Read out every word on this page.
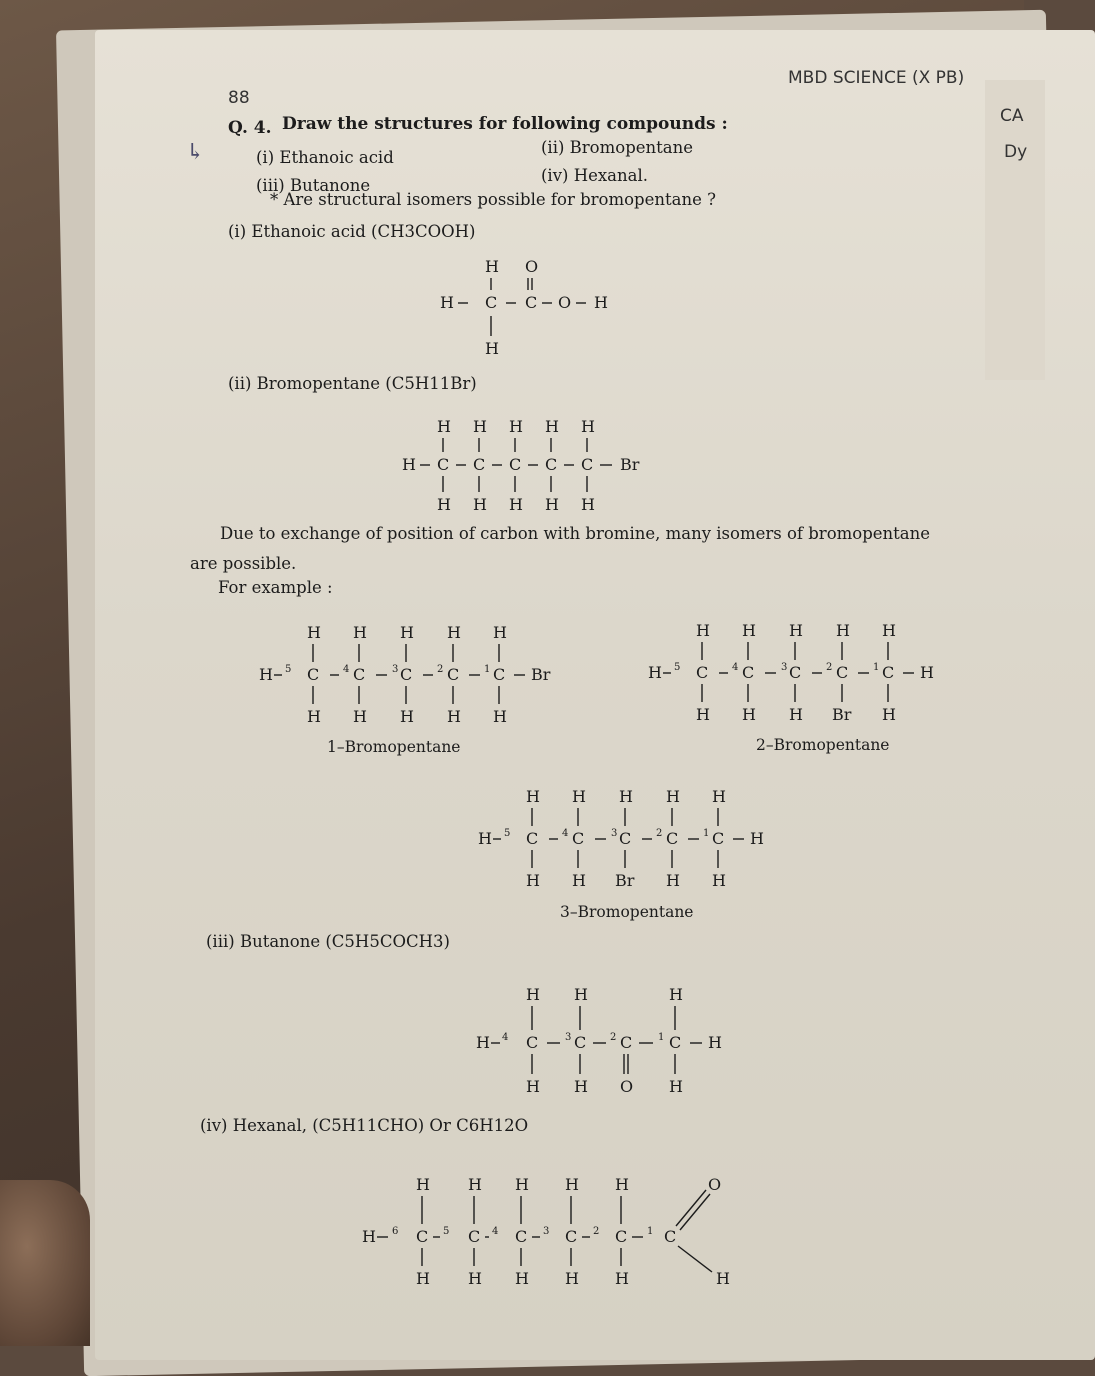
88
MBD SCIENCE (X PB)
CA
Dy
Q. 4. Draw the structures for following compounds :
↳	(i) Ethanoic acid
(ii) Bromopentane
(iii) Butanone
(iv) Hexanal.
* Are structural isomers possible for bromopentane ?
(i) Ethanoic acid (CH3COOH)
H O
C C
H	O H
H
(ii) Bromopentane (C5H11Br)
H H H H H
H C C C C C Br
H H H H H
Due to exchange of position of carbon with bromine, many isomers of bromopentane
are possible.
For example :
H H H H H
H 5 C 4 C	3 C 2 C 1 C Br
H H H H H
1–Bromopentane
H H H H H
H 5 C 4 C	3 C 2 C 1 C H
H H H Br H
2–Bromopentane
H H H H H
H 5 C 4 C	3 C 2 C 1 C H
H H Br H H
3–Bromopentane
(iii) Butanone (C5H5COCH3)
H H	H
H 4 C	3 C 2 C	1 C H
H H O H
(iv) Hexanal, (C5H11CHO) Or C6H12O
H H H H H	O
H 6 C 5 C 4 C 3 C 2 C 1 C
H H H H H	H
